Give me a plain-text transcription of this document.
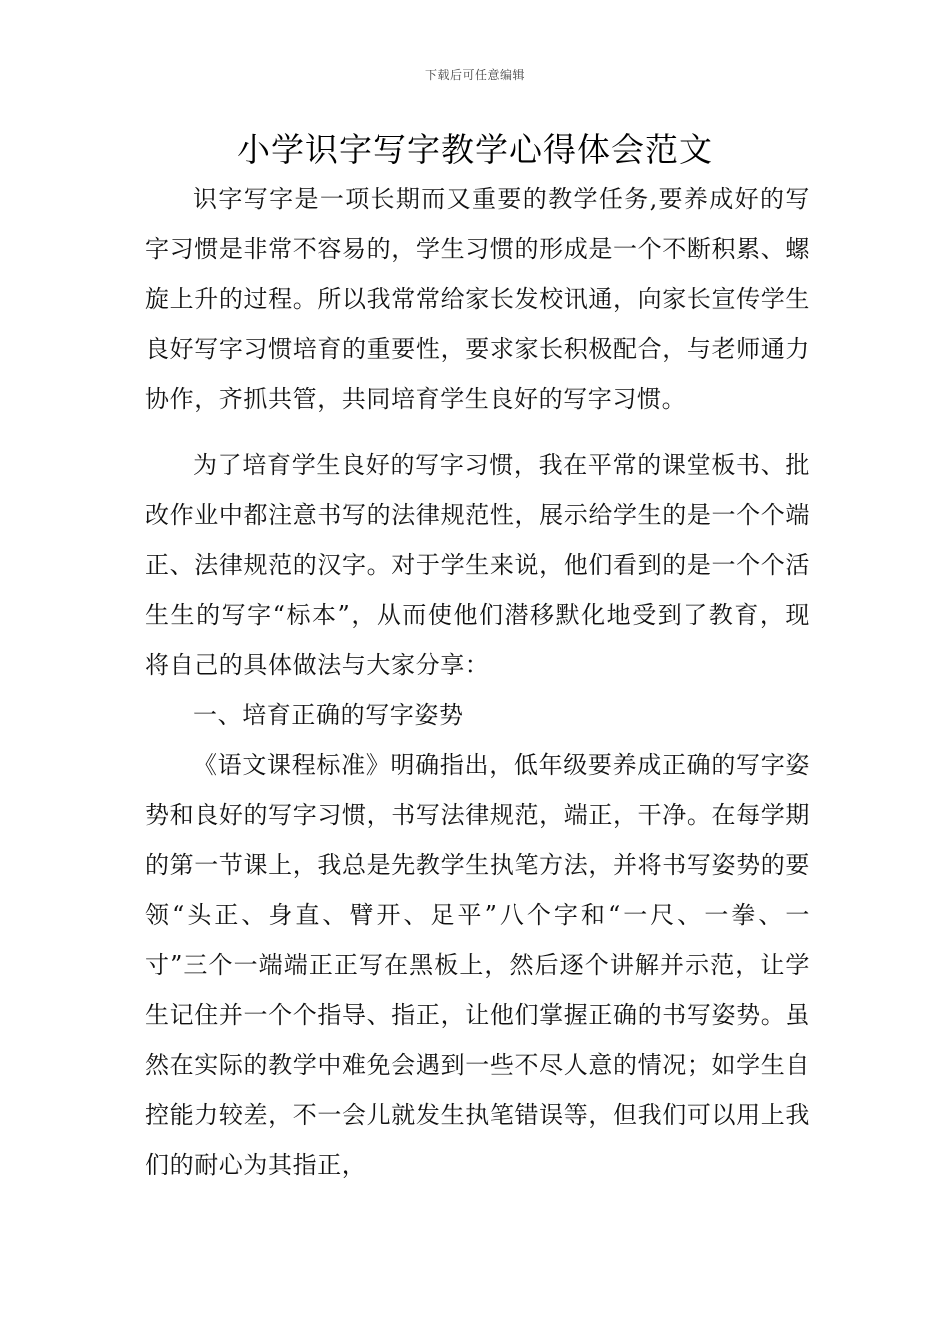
下载后可任意编辑
小学识字写字教学心得体会范文

识字写字是一项长期而又重要的教学任务,要养成好的写字习惯是非常不容易的，学生习惯的形成是一个不断积累、螺旋上升的过程。所以我常常给家长发校讯通，向家长宣传学生良好写字习惯培育的重要性，要求家长积极配合，与老师通力协作，齐抓共管，共同培育学生良好的写字习惯。

为了培育学生良好的写字习惯，我在平常的课堂板书、批改作业中都注意书写的法律规范性，展示给学生的是一个个端正、法律规范的汉字。对于学生来说，他们看到的是一个个活生生的写字“标本”，从而使他们潜移默化地受到了教育，现将自己的具体做法与大家分享：

一、培育正确的写字姿势

《语文课程标准》明确指出，低年级要养成正确的写字姿势和良好的写字习惯，书写法律规范，端正，干净。在每学期的第一节课上，我总是先教学生执笔方法，并将书写姿势的要领“头正、身直、臂开、足平”八个字和“一尺、一拳、一寸”三个一端端正正写在黑板上，然后逐个讲解并示范，让学生记住并一个个指导、指正，让他们掌握正确的书写姿势。虽然在实际的教学中难免会遇到一些不尽人意的情况；如学生自控能力较差，不一会儿就发生执笔错误等，但我们可以用上我们的耐心为其指正，
